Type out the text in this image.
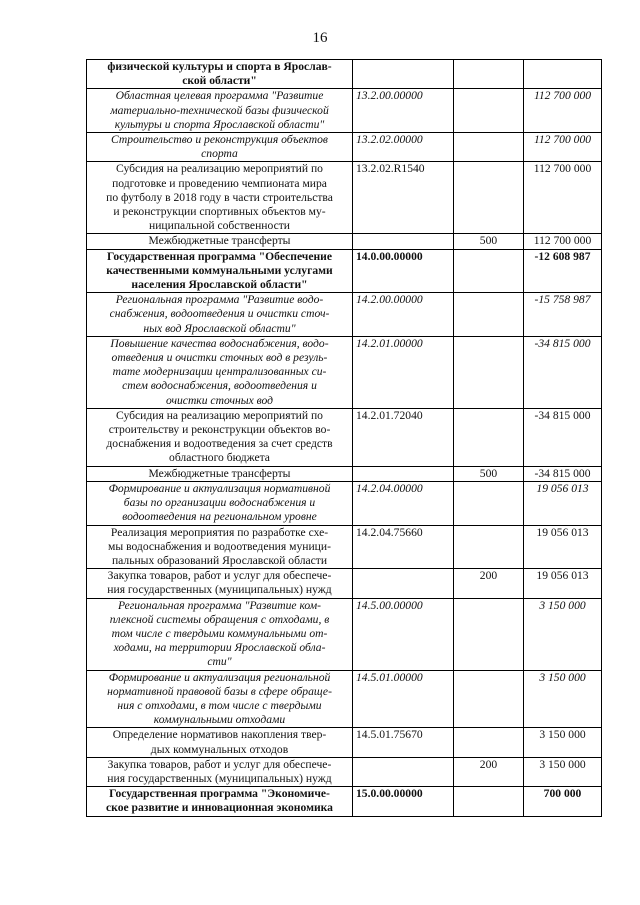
16
физической культуры и спорта в Ярослав-
ской области"			

Областная целевая программа "Развитие
материально-технической базы физической
культуры и спорта Ярославской области"	13.2.00.00000		112 700 000

Строительство и реконструкция объектов
спорта	13.2.02.00000		112 700 000

Субсидия на реализацию мероприятий по
подготовке и проведению чемпионата мира
по футболу в 2018 году в части строительства
и реконструкции спортивных объектов му-
ниципальной собственности	13.2.02.R1540		112 700 000

Межбюджетные трансферты		500	112 700 000

Государственная программа "Обеспечение
качественными коммунальными услугами
населения Ярославской области"	14.0.00.00000		-12 608 987

Региональная программа "Развитие водо-
снабжения, водоотведения и очистки сточ-
ных вод Ярославской области"	14.2.00.00000		-15 758 987

Повышение качества водоснабжения, водо-
отведения и очистки сточных вод в резуль-
тате модернизации централизованных си-
стем водоснабжения, водоотведения и
очистки сточных вод	14.2.01.00000		-34 815 000

Субсидия на реализацию мероприятий по
строительству и реконструкции объектов во-
доснабжения и водоотведения за счет средств
областного бюджета	14.2.01.72040		-34 815 000

Межбюджетные трансферты		500	-34 815 000

Формирование и актуализация нормативной
базы по организации водоснабжения и
водоотведения на региональном уровне	14.2.04.00000		19 056 013

Реализация мероприятия по разработке схе-
мы водоснабжения и водоотведения муници-
пальных образований Ярославской области	14.2.04.75660		19 056 013

Закупка товаров, работ и услуг для обеспече-
ния государственных (муниципальных) нужд		200	19 056 013

Региональная программа "Развитие ком-
плексной системы обращения с отходами, в
том числе с твердыми коммунальными от-
ходами, на территории Ярославской обла-
сти"	14.5.00.00000		3 150 000

Формирование и актуализация региональной
нормативной правовой базы в сфере обраще-
ния с отходами, в том числе с твердыми
коммунальными отходами	14.5.01.00000		3 150 000

Определение нормативов накопления твер-
дых коммунальных отходов	14.5.01.75670		3 150 000

Закупка товаров, работ и услуг для обеспече-
ния государственных (муниципальных) нужд		200	3 150 000

Государственная программа "Экономиче-
ское развитие и инновационная экономика	15.0.00.00000		700 000
